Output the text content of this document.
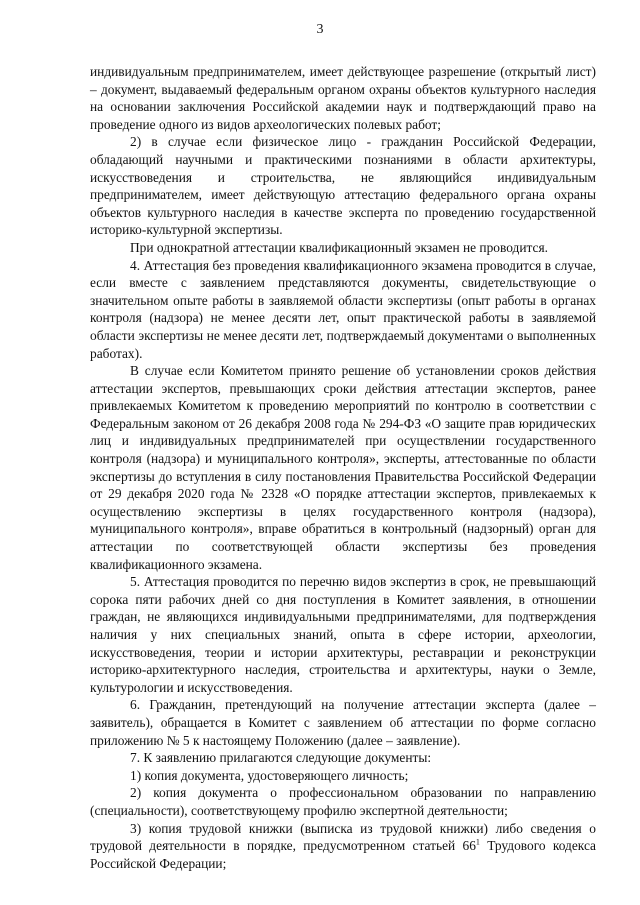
3

индивидуальным предпринимателем, имеет действующее разрешение (открытый лист) – документ, выдаваемый федеральным органом охраны объектов культурного наследия на основании заключения Российской академии наук и подтверждающий право на проведение одного из видов археологических полевых работ;

2) в случае если физическое лицо - гражданин Российской Федерации, обладающий научными и практическими познаниями в области архитектуры, искусствоведения и строительства, не являющийся индивидуальным предпринимателем, имеет действующую аттестацию федерального органа охраны объектов культурного наследия в качестве эксперта по проведению государственной историко-культурной экспертизы.

При однократной аттестации квалификационный экзамен не проводится.

4. Аттестация без проведения квалификационного экзамена проводится в случае, если вместе с заявлением представляются документы, свидетельствующие о значительном опыте работы в заявляемой области экспертизы (опыт работы в органах контроля (надзора) не менее десяти лет, опыт практической работы в заявляемой области экспертизы не менее десяти лет, подтверждаемый документами о выполненных работах).

В случае если Комитетом принято решение об установлении сроков действия аттестации экспертов, превышающих сроки действия аттестации экспертов, ранее привлекаемых Комитетом к проведению мероприятий по контролю в соответствии с Федеральным законом от 26 декабря 2008 года № 294-ФЗ «О защите прав юридических лиц и индивидуальных предпринимателей при осуществлении государственного контроля (надзора) и муниципального контроля», эксперты, аттестованные по области экспертизы до вступления в силу постановления Правительства Российской Федерации от 29 декабря 2020 года № 2328 «О порядке аттестации экспертов, привлекаемых к осуществлению экспертизы в целях государственного контроля (надзора), муниципального контроля», вправе обратиться в контрольный (надзорный) орган для аттестации по соответствующей области экспертизы без проведения квалификационного экзамена.

5. Аттестация проводится по перечню видов экспертиз в срок, не превышающий сорока пяти рабочих дней со дня поступления в Комитет заявления, в отношении граждан, не являющихся индивидуальными предпринимателями, для подтверждения наличия у них специальных знаний, опыта в сфере истории, археологии, искусствоведения, теории и истории архитектуры, реставрации и реконструкции историко-архитектурного наследия, строительства и архитектуры, науки о Земле, культурологии и искусствоведения.

6. Гражданин, претендующий на получение аттестации эксперта (далее – заявитель), обращается в Комитет с заявлением об аттестации по форме согласно приложению № 5 к настоящему Положению (далее – заявление).

7. К заявлению прилагаются следующие документы:

1) копия документа, удостоверяющего личность;

2) копия документа о профессиональном образовании по направлению (специальности), соответствующему профилю экспертной деятельности;

3) копия трудовой книжки (выписка из трудовой книжки) либо сведения о трудовой деятельности в порядке, предусмотренном статьей $66^1$ Трудового кодекса Российской Федерации;
